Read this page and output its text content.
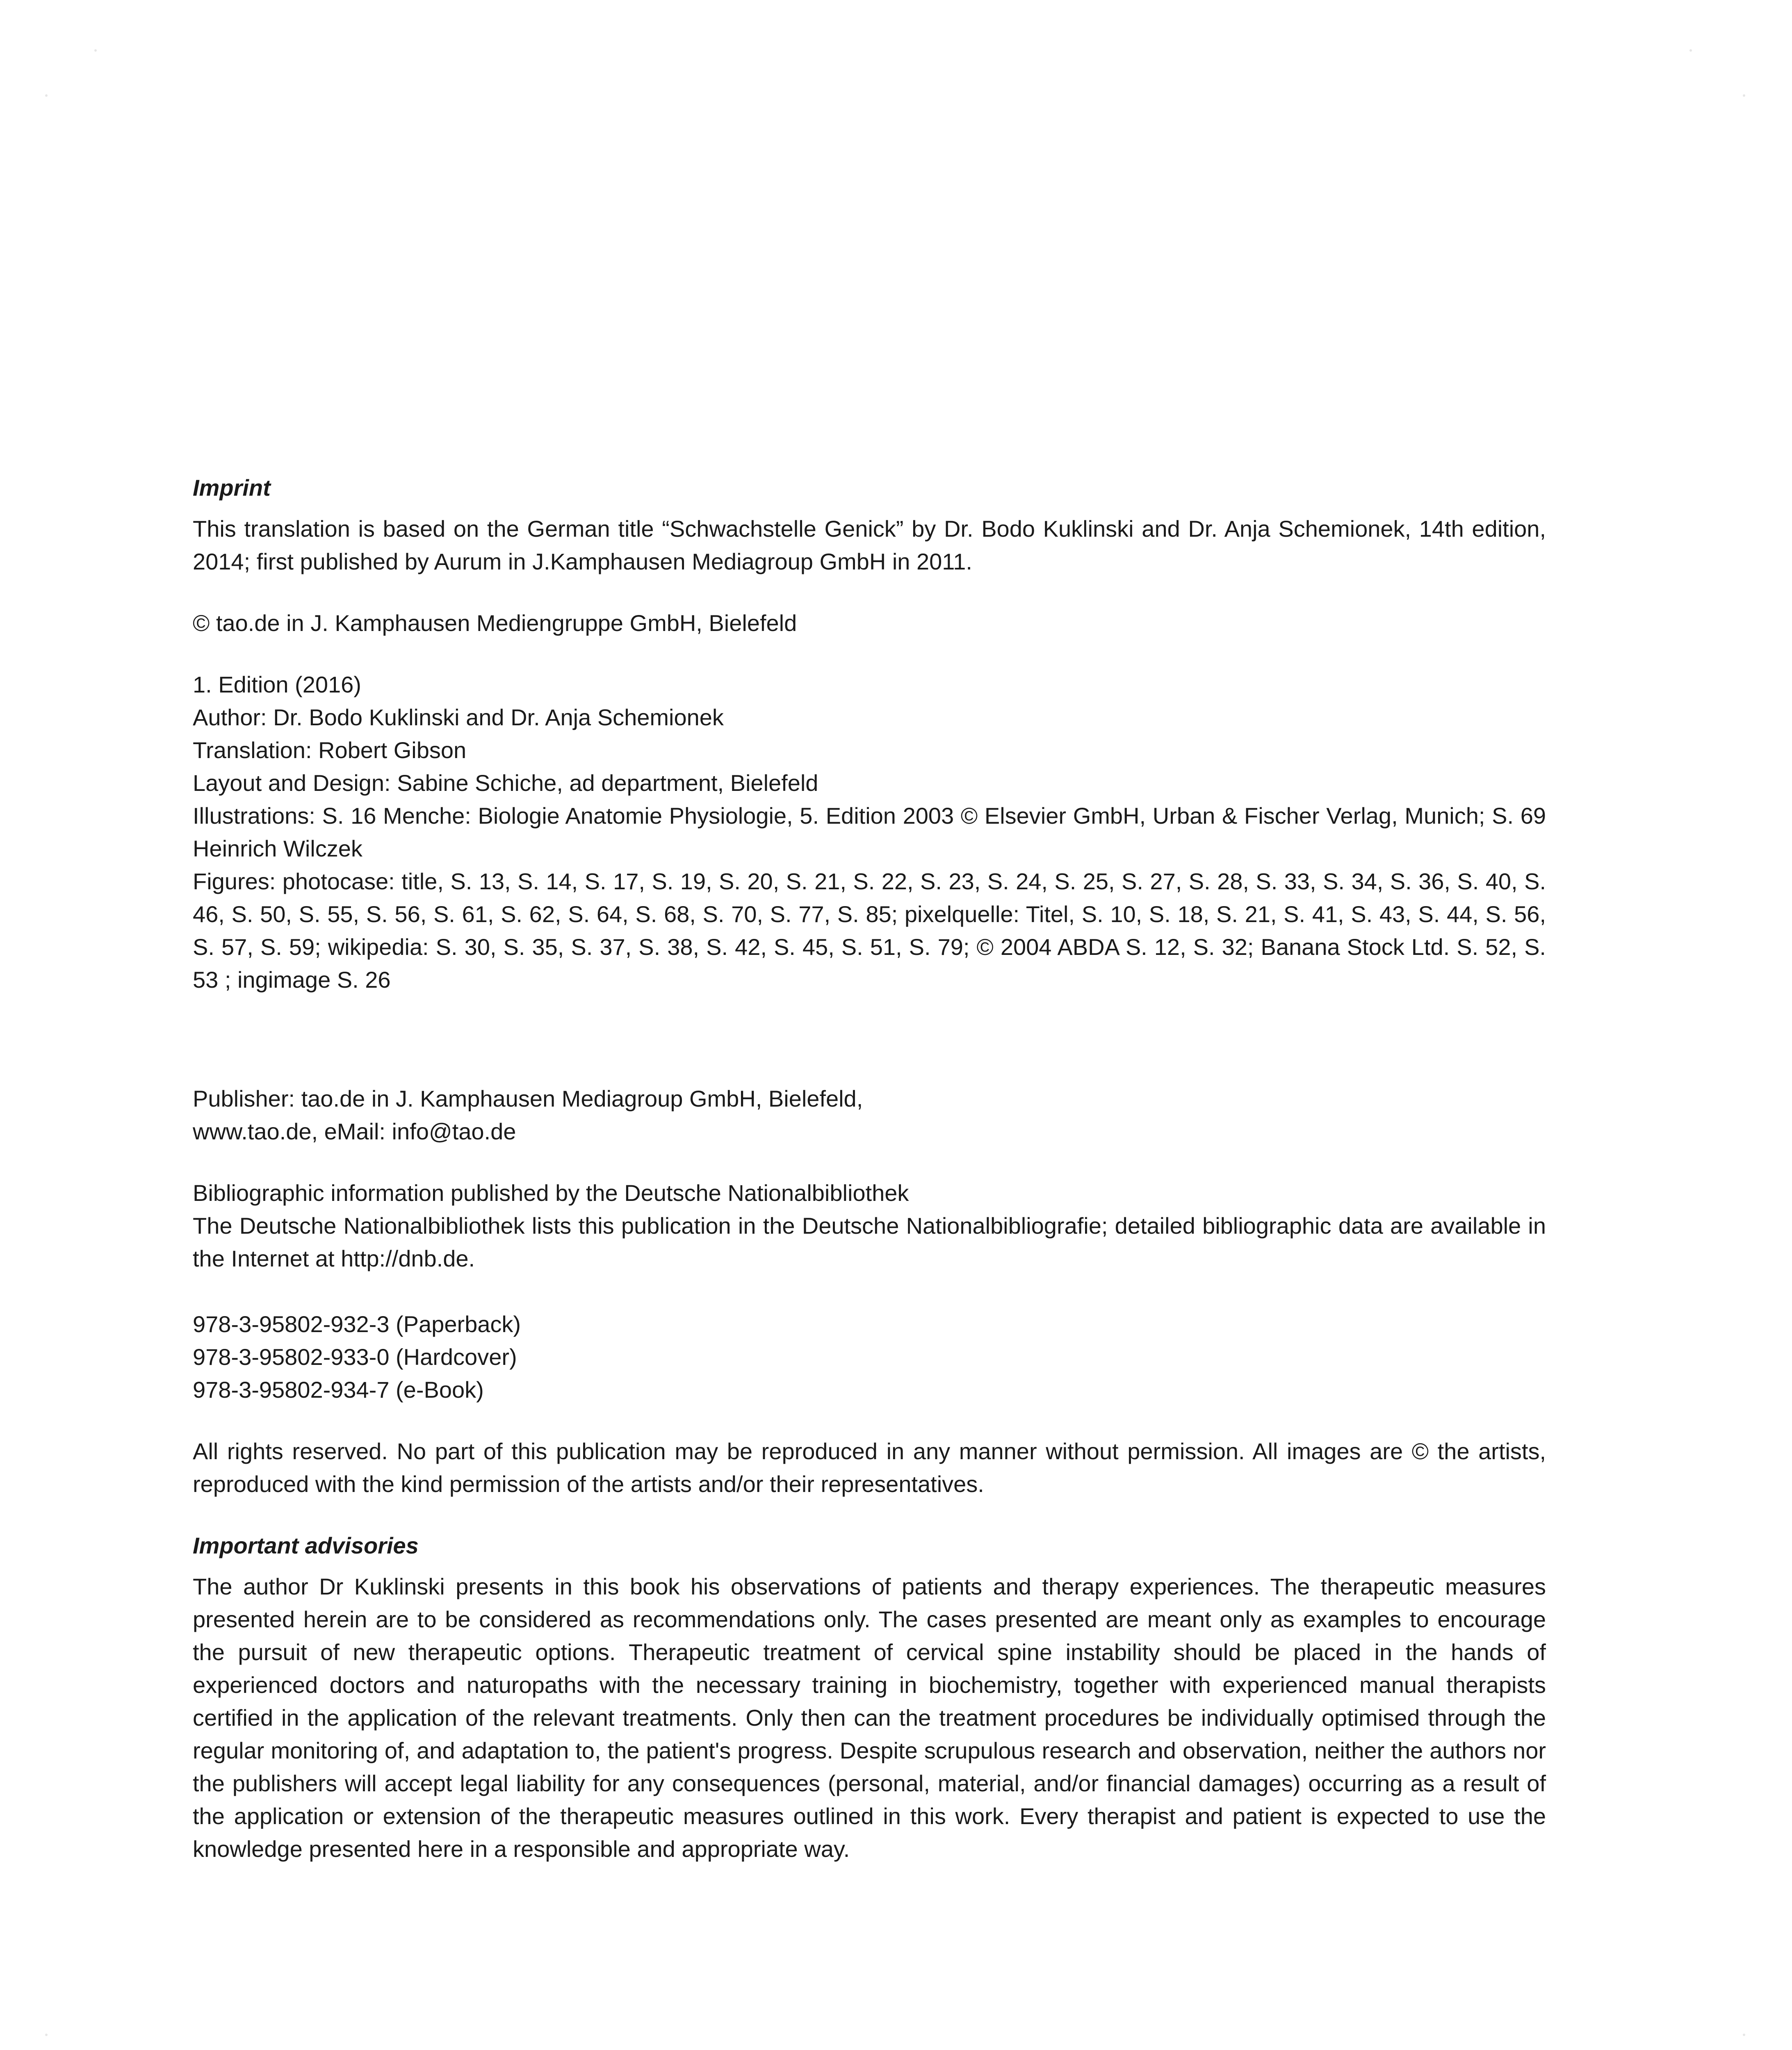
Imprint

This translation is based on the German title “Schwachstelle Genick” by Dr. Bodo Kuklinski and Dr. Anja Schemionek, 14th edition, 2014; first published by Aurum in J.Kamphausen Mediagroup GmbH in 2011.

© tao.de in J. Kamphausen Mediengruppe GmbH, Bielefeld
1. Edition (2016)
Author: Dr. Bodo Kuklinski and Dr. Anja Schemionek
Translation: Robert Gibson
Layout and Design: Sabine Schiche, ad department, Bielefeld

Illustrations: S. 16 Menche: Biologie Anatomie Physiologie, 5. Edition 2003 © Elsevier GmbH, Urban & Fischer Verlag, Munich; S. 69 Heinrich Wilczek

Figures: photocase: title, S. 13, S. 14, S. 17, S. 19, S. 20, S. 21, S. 22, S. 23, S. 24, S. 25, S. 27, S. 28, S. 33, S. 34, S. 36, S. 40, S. 46, S. 50, S. 55, S. 56, S. 61, S. 62, S. 64, S. 68, S. 70, S. 77, S. 85; pixelquelle: Titel, S. 10, S. 18, S. 21, S. 41, S. 43, S. 44, S. 56, S. 57, S. 59; wikipedia: S. 30, S. 35, S. 37, S. 38, S. 42, S. 45, S. 51, S. 79; © 2004 ABDA S. 12, S. 32; Banana Stock Ltd. S. 52, S. 53 ; ingimage S. 26

Publisher: tao.de in J. Kamphausen Mediagroup GmbH, Bielefeld,
www.tao.de, eMail: info@tao.de
Bibliographic information published by the Deutsche Nationalbibliothek

The Deutsche Nationalbibliothek lists this publication in the Deutsche Nationalbibliografie; detailed bibliographic data are available in the Internet at http://dnb.de.

978-3-95802-932-3 (Paperback)
978-3-95802-933-0 (Hardcover)
978-3-95802-934-7 (e-Book)

All rights reserved. No part of this publication may be reproduced in any manner without permission. All images are © the artists, reproduced with the kind permission of the artists and/or their representatives.

Important advisories

The author Dr Kuklinski presents in this book his observations of patients and therapy experiences. The therapeutic measures presented herein are to be considered as recommendations only. The cases presented are meant only as examples to encourage the pursuit of new therapeutic options. Therapeutic treatment of cervical spine instability should be placed in the hands of experienced doctors and naturopaths with the necessary training in biochemistry, together with experienced manual therapists certified in the application of the relevant treatments. Only then can the treatment procedures be individually optimised through the regular monitoring of, and adaptation to, the patient's progress. Despite scrupulous research and observation, neither the authors nor the publishers will accept legal liability for any consequences (personal, material, and/or financial damages) occurring as a result of the application or extension of the therapeutic measures outlined in this work. Every therapist and patient is expected to use the knowledge presented here in a responsible and appropriate way.
